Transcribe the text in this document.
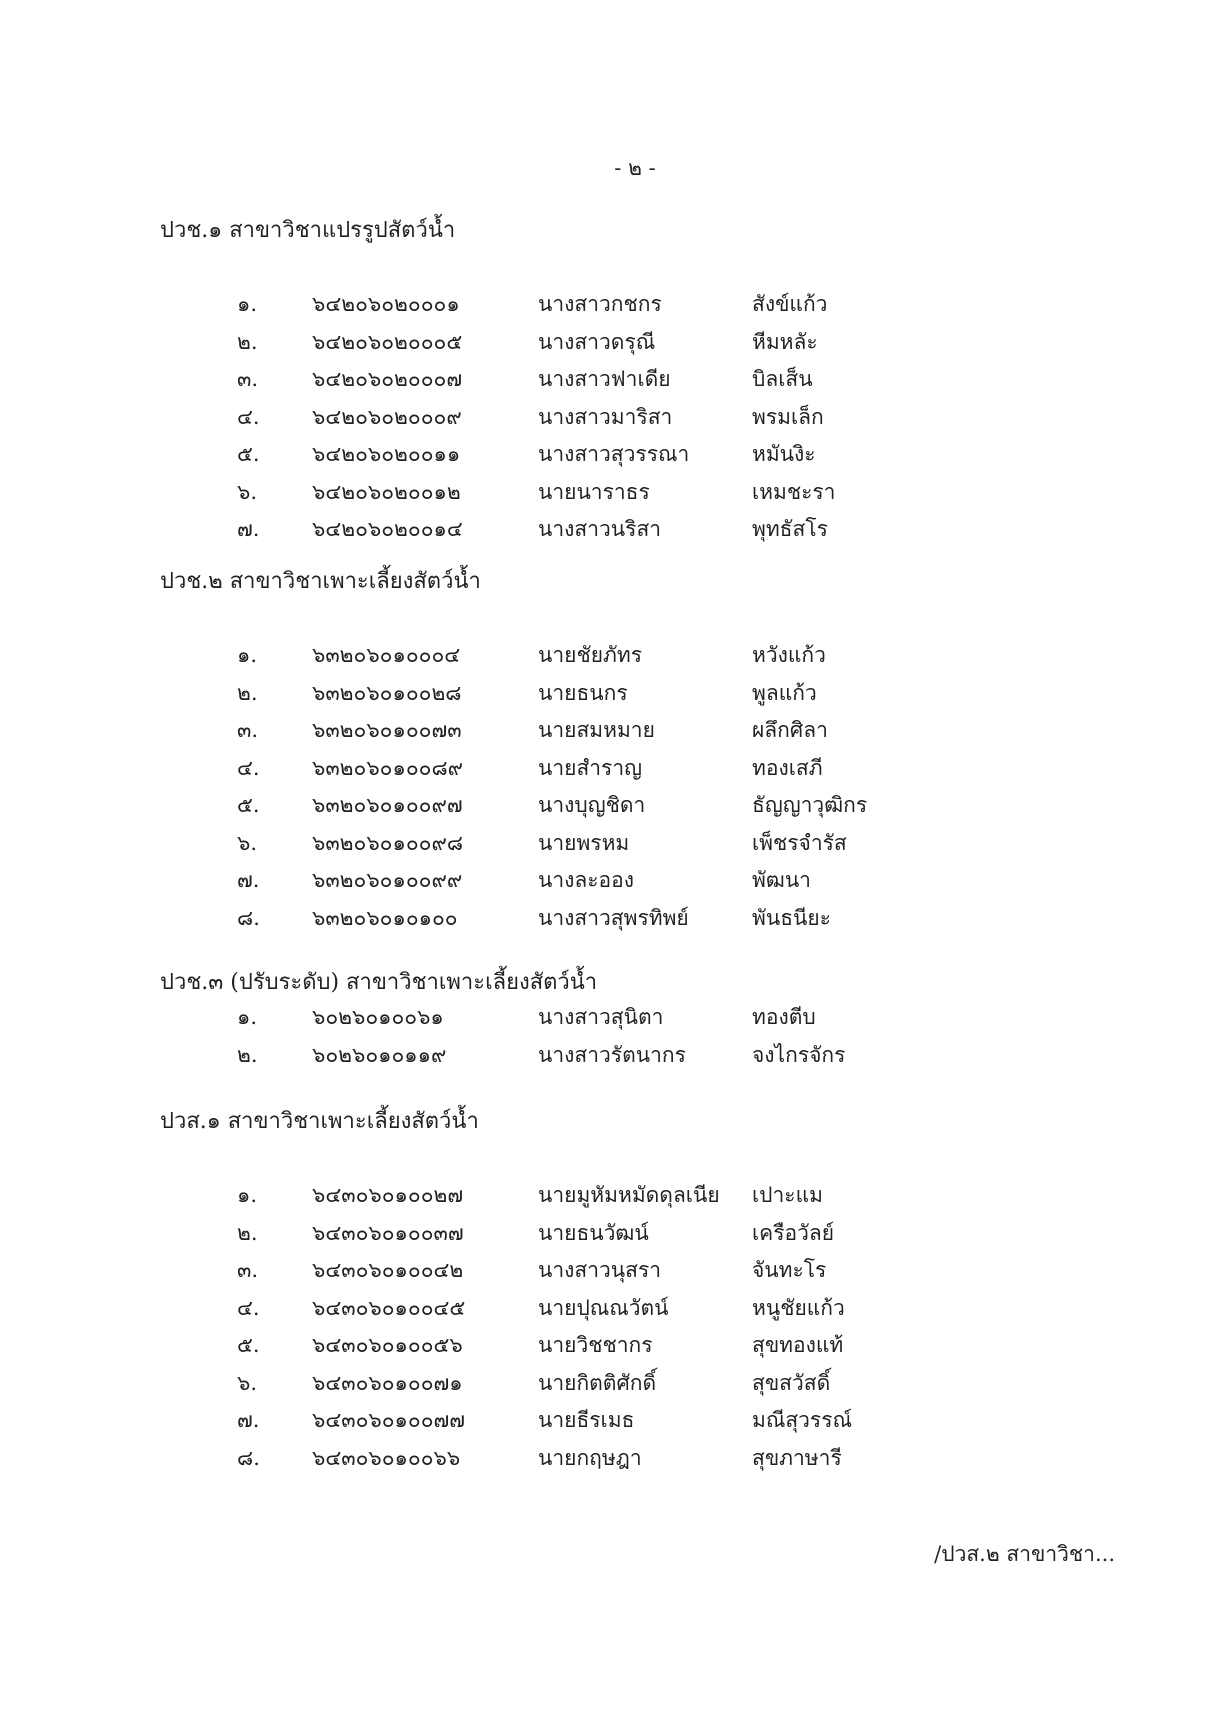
- ๒ -
ปวช.๑ สาขาวิชาแปรรูปสัตว์น้ำ
๑.	๖๔๒๐๖๐๒๐๐๐๑	นางสาวกชกร	สังข์แก้ว
๒.	๖๔๒๐๖๐๒๐๐๐๕	นางสาวดรุณี	หีมหลัะ
๓.	๖๔๒๐๖๐๒๐๐๐๗	นางสาวฟาเดีย	บิลเส็น
๔. ๖๔๒๐๖๐๒๐๐๐๙	นางสาวมาริสา	พรมเล็ก
๕. ๖๔๒๐๖๐๒๐๐๑๑	นางสาวสุวรรณา	หมันงิะ
๖.	๖๔๒๐๖๐๒๐๐๑๒	นายนาราธร	เหมชะรา
๗.	๖๔๒๐๖๐๒๐๐๑๔	นางสาวนริสา	พุทธัสโร
ปวช.๒ สาขาวิชาเพาะเลี้ยงสัตว์น้ำ
๑.	๖๓๒๐๖๐๑๐๐๐๔	นายชัยภัทร	หวังแก้ว
๒.	๖๓๒๐๖๐๑๐๐๒๘	นายธนกร	พูลแก้ว
๓.	๖๓๒๐๖๐๑๐๐๗๓	นายสมหมาย	ผลึกศิลา
๔. ๖๓๒๐๖๐๑๐๐๘๙	นายสำราญ	ทองเสภี
๕. ๖๓๒๐๖๐๑๐๐๙๗	นางบุญชิดา	ธัญญาวุฒิกร
๖.	๖๓๒๐๖๐๑๐๐๙๘	นายพรหม	เพ็ชรจำรัส
๗.	๖๓๒๐๖๐๑๐๐๙๙	นางละออง	พัฒนา
๘. ๖๓๒๐๖๐๑๐๑๐๐	นางสาวสุพรทิพย์	พันธนียะ
ปวช.๓ (ปรับระดับ) สาขาวิชาเพาะเลี้ยงสัตว์น้ำ
๑.	๖๐๒๖๐๑๐๐๖๑	นางสาวสุนิตา	ทองตีบ
๒.	๖๐๒๖๐๑๐๑๑๙	นางสาวรัตนากร	จงไกรจักร
ปวส.๑ สาขาวิชาเพาะเลี้ยงสัตว์น้ำ
๑.	๖๔๓๐๖๐๑๐๐๒๗	นายมูหัมหมัดดุลเนีย เปาะแม
๒.	๖๔๓๐๖๐๑๐๐๓๗	นายธนวัฒน์	เครือวัลย์
๓.	๖๔๓๐๖๐๑๐๐๔๒	นางสาวนุสรา	จันทะโร
๔. ๖๔๓๐๖๐๑๐๐๔๕	นายปุณณวัตน์	หนูชัยแก้ว
๕. ๖๔๓๐๖๐๑๐๐๕๖	นายวิชชากร	สุขทองแท้
๖.	๖๔๓๐๖๐๑๐๐๗๑	นายกิตติศักดิ์	สุขสวัสดิ์
๗.	๖๔๓๐๖๐๑๐๐๗๗	นายธีรเมธ	มณีสุวรรณ์
๘. ๖๔๓๐๖๐๑๐๐๖๖	นายกฤษฎา	สุขภาษารี
/ปวส.๒ สาขาวิชา...
